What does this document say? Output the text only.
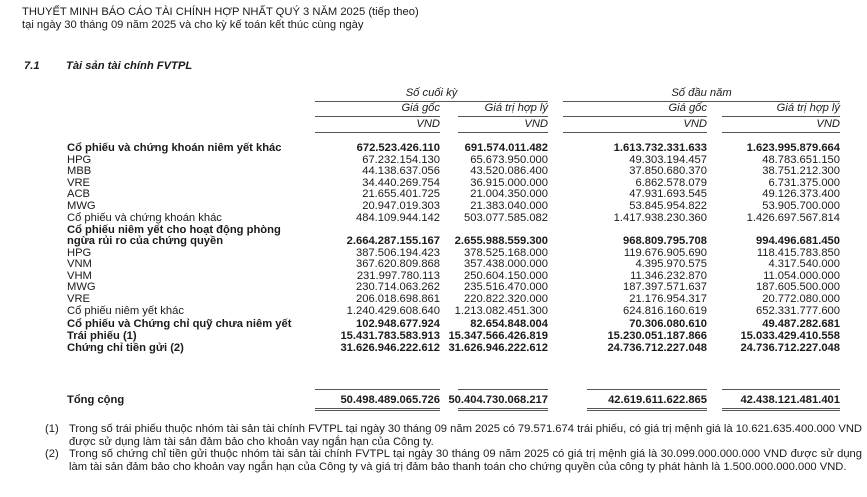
THUYẾT MINH BÁO CÁO TÀI CHÍNH HỢP NHẤT QUÝ 3 NĂM 2025 (tiếp theo)
tại ngày 30 tháng 09 năm 2025 và cho kỳ kế toán kết thúc cùng ngày
7.1 Tài sản tài chính FVTPL
Số cuối kỳ	Số đầu năm
Giá gốc	Giá trị hợp lý	Giá gốc	Giá trị hợp lý
VND	VND	VND	VND
Cổ phiếu và chứng khoán niêm yết khác	672.523.426.110 691.574.011.482	1.613.732.331.633	1.623.995.879.664
HPG	67.232.154.130	65.673.950.000	49.303.194.457	48.783.651.150
MBB	44.138.637.056	43.520.086.400	37.850.680.370	38.751.212.300
VRE	34.440.269.754	36.915.000.000	6.862.578.079	6.731.375.000
ACB	21.655.401.725	21.004.350.000	47.931.693.545	49.126.373.400
MWG	20.947.019.303	21.383.040.000	53.845.954.822	53.905.700.000
Cổ phiếu và chứng khoán khác	484.109.944.142 503.077.585.082	1.417.938.230.360	1.426.697.567.814
Cổ phiếu niêm yết cho hoạt động phòng
ngừa rủi ro của chứng quyền	2.664.287.155.167 2.655.988.559.300	968.809.795.708	994.496.681.450
HPG	387.506.194.423 378.525.168.000	119.676.905.690	118.415.783.850
VNM	367.620.809.868 357.438.000.000	4.395.970.575	4.317.540.000
VHM	231.997.780.113 250.604.150.000	11.346.232.870	11.054.000.000
MWG	230.714.063.262 235.516.470.000	187.397.571.637	187.605.500.000
VRE	206.018.698.861 220.822.320.000	21.176.954.317	20.772.080.000
Cổ phiếu niêm yết khác	1.240.429.608.640 1.213.082.451.300	624.816.160.619	652.331.777.600
Cổ phiếu và Chứng chỉ quỹ chưa niêm yết	102.948.677.924	82.654.848.004	70.306.080.610	49.487.282.681
Trái phiếu (1)	15.431.783.583.913 15.347.566.426.819	15.230.051.187.866	15.033.429.410.558
Chứng chỉ tiền gửi (2)	31.626.946.222.612 31.626.946.222.612	24.736.712.227.048	24.736.712.227.048
Tổng cộng	50.498.489.065.726 50.404.730.068.217	42.619.611.622.865	42.438.121.481.401
(1) Trong số trái phiếu thuộc nhóm tài sản tài chính FVTPL tại ngày 30 tháng 09 năm 2025 có 79.571.674 trái phiếu, có giá trị mệnh giá là 10.621.635.400.000 VND được sử dụng làm tài sản đảm bảo cho khoản vay ngắn hạn của Công ty.
(2) Trong số chứng chỉ tiền gửi thuộc nhóm tài sản tài chính FVTPL tại ngày 30 tháng 09 năm 2025 có giá trị mệnh giá là 30.099.000.000.000 VND được sử dụng làm tài sản đảm bảo cho khoản vay ngắn hạn của Công ty và giá trị đảm bảo thanh toán cho chứng quyền của công ty phát hành là 1.500.000.000.000 VND.
